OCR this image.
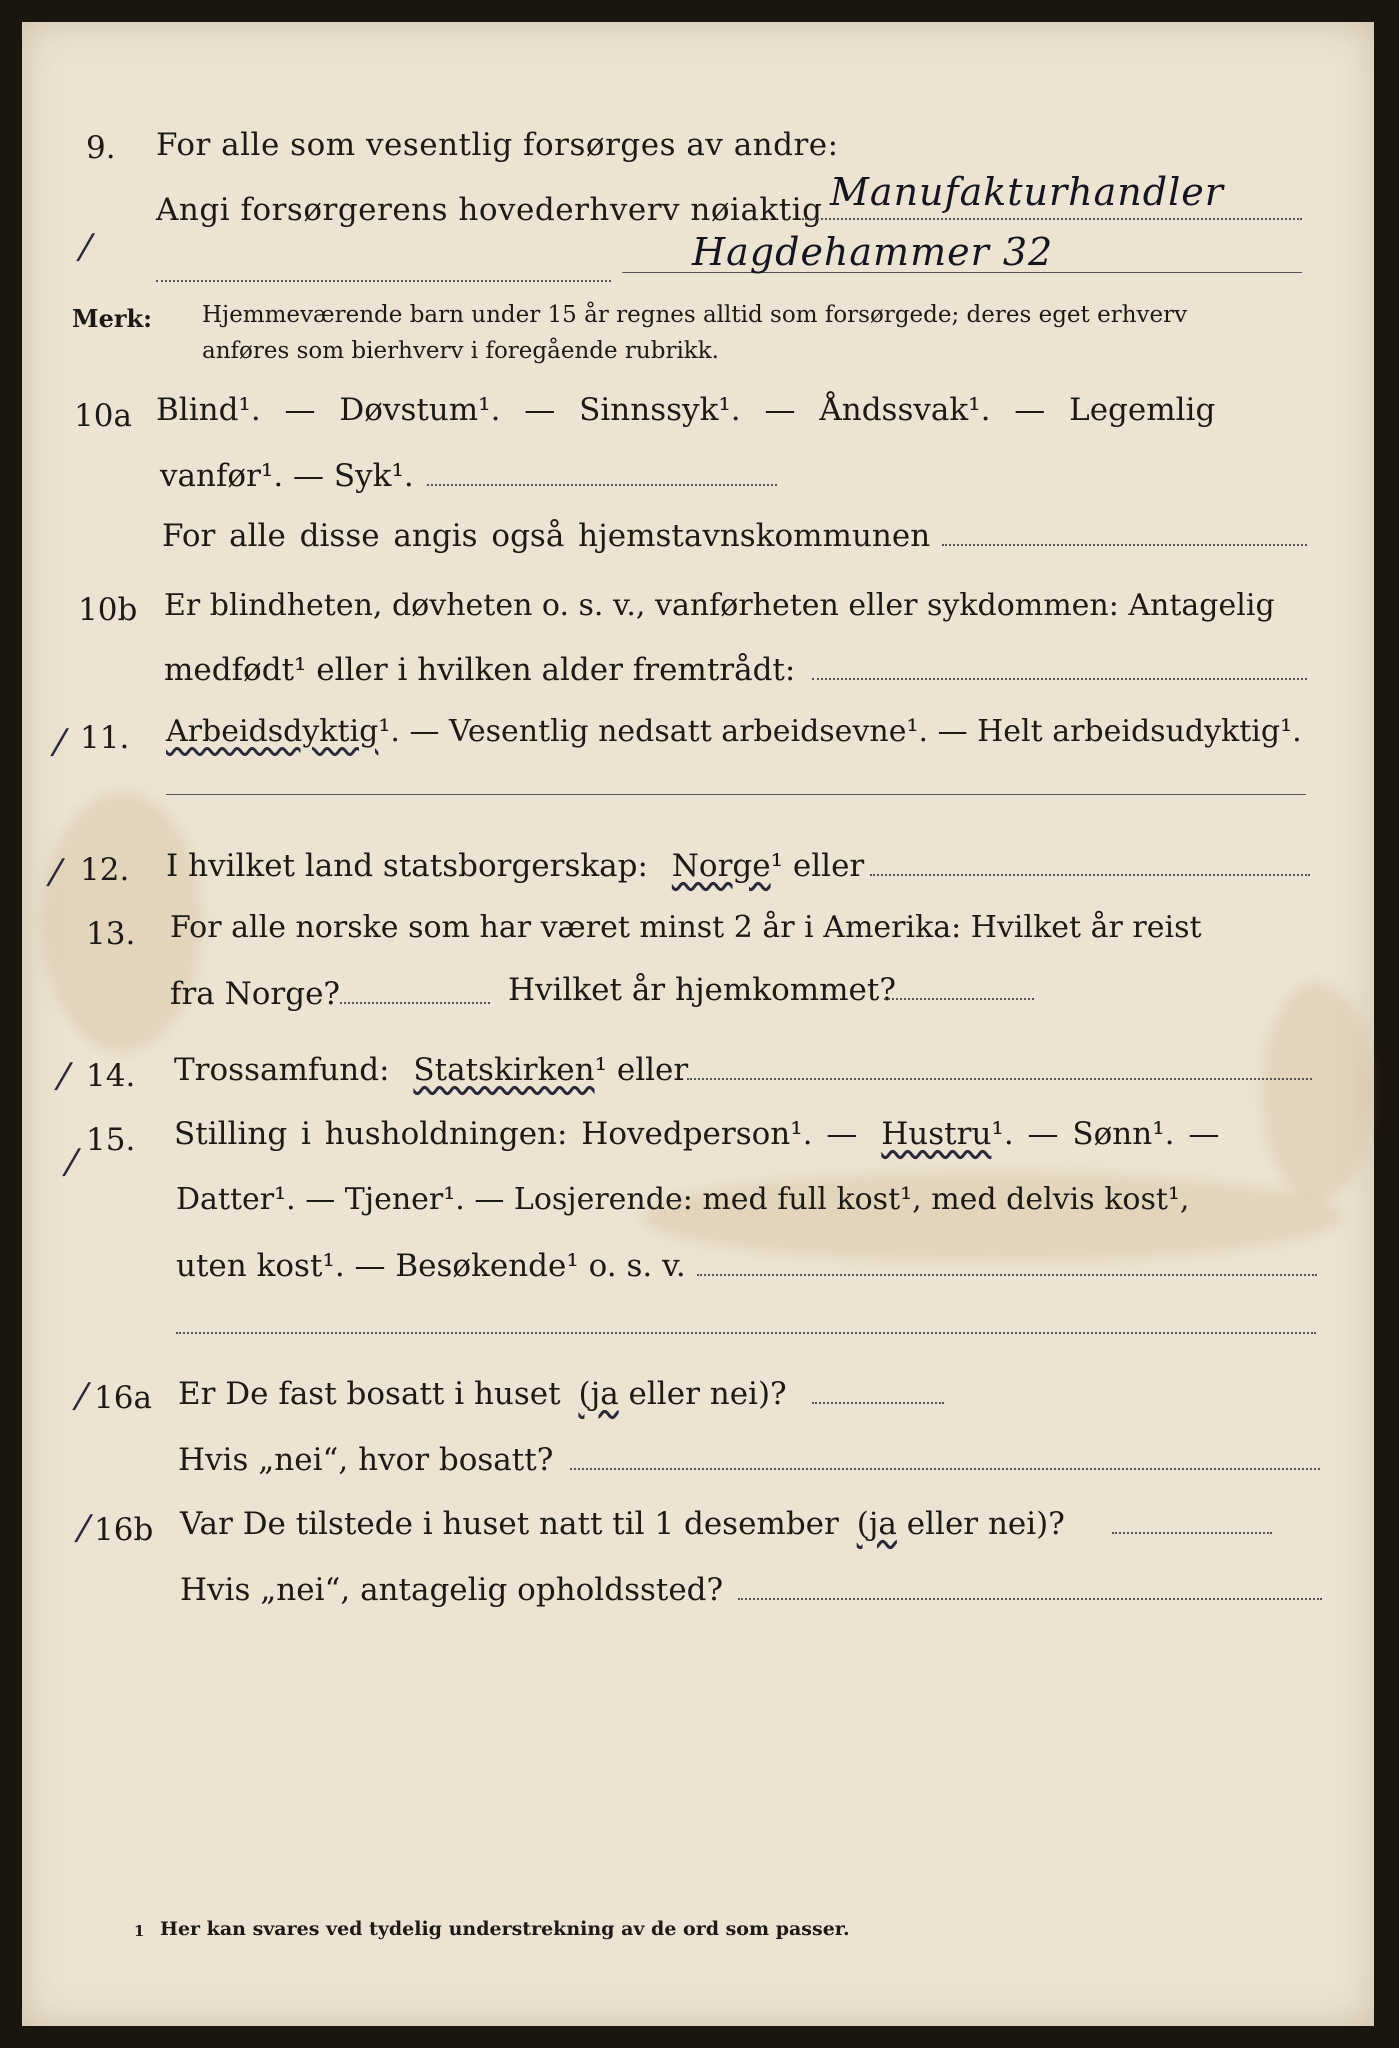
9. For alle som vesentlig forsørges av andre:
/
Angi forsørgerens hovederhverv nøiaktig Manufakturhandler
Hagdehammer 32
Merk: Hjemmeværende barn under 15 år regnes alltid som forsørgede; deres eget erhverv
anføres som bierhverv i foregående rubrikk.
10a Blind¹. — Døvstum¹. — Sinnssyk¹. — Åndssvak¹. — Legemlig
vanfør¹. — Syk¹.
For alle disse angis også hjemstavnskommunen
10b Er blindheten, døvheten o. s. v., vanførheten eller sykdommen: Antagelig
medfødt¹ eller i hvilken alder fremtrådt:
/ 11. Arbeidsdyktig¹. — Vesentlig nedsatt arbeidsevne¹. — Helt arbeidsudyktig¹.
/ 12. I hvilket land statsborgerskap: Norge¹ eller
13. For alle norske som har været minst 2 år i Amerika: Hvilket år reist
fra Norge?	Hvilket år hjemkommet?
/ 14. Trossamfund: Statskirken¹ eller
/
15. Stilling i husholdningen: Hovedperson¹. — Hustru¹. — Sønn¹. —
Datter¹. — Tjener¹. — Losjerende: med full kost¹, med delvis kost¹,
uten kost¹. — Besøkende¹ o. s. v.
/ 16a Er De fast bosatt i huset (ja eller nei)?
Hvis „nei“, hvor bosatt?
/ 16b Var De tilstede i huset natt til 1 desember (ja eller nei)?
Hvis „nei“, antagelig opholdssted?
1 Her kan svares ved tydelig understrekning av de ord som passer.
